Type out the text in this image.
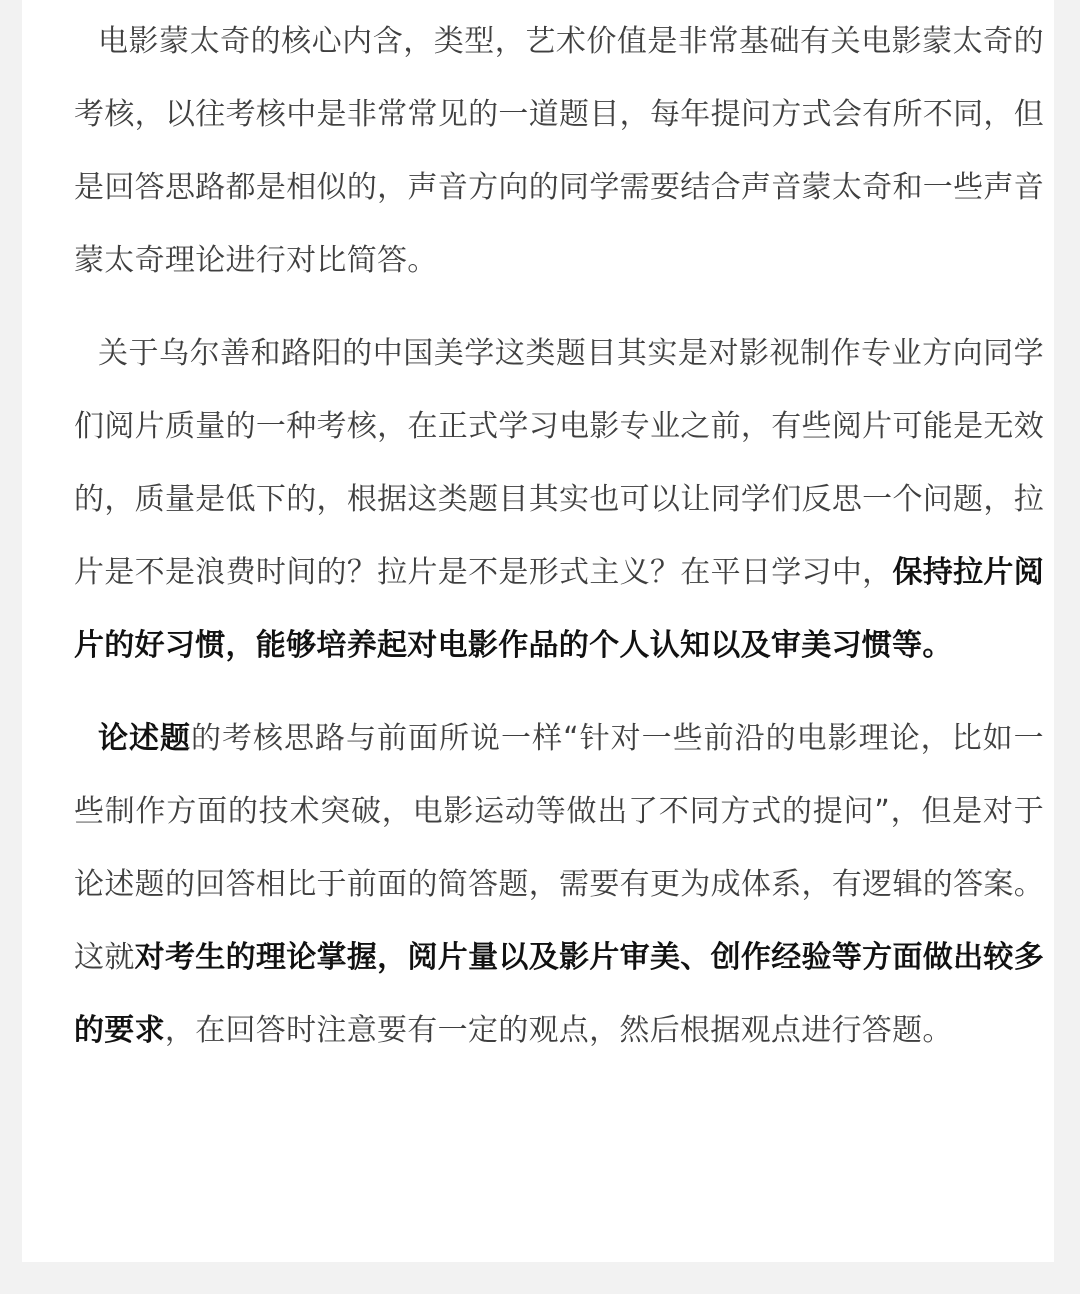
电影蒙太奇的核心内含，类型，艺术价值是非常基础有关电影蒙太奇的考核，以往考核中是非常常见的一道题目，每年提问方式会有所不同，但是回答思路都是相似的，声音方向的同学需要结合声音蒙太奇和一些声音蒙太奇理论进行对比简答。

关于乌尔善和路阳的中国美学这类题目其实是对影视制作专业方向同学们阅片质量的一种考核，在正式学习电影专业之前，有些阅片可能是无效的，质量是低下的，根据这类题目其实也可以让同学们反思一个问题，拉片是不是浪费时间的？拉片是不是形式主义？在平日学习中，保持拉片阅片的好习惯，能够培养起对电影作品的个人认知以及审美习惯等。

论述题的考核思路与前面所说一样“针对一些前沿的电影理论，比如一些制作方面的技术突破，电影运动等做出了不同方式的提问”，但是对于论述题的回答相比于前面的简答题，需要有更为成体系，有逻辑的答案。这就对考生的理论掌握，阅片量以及影片审美、创作经验等方面做出较多的要求，在回答时注意要有一定的观点，然后根据观点进行答题。
